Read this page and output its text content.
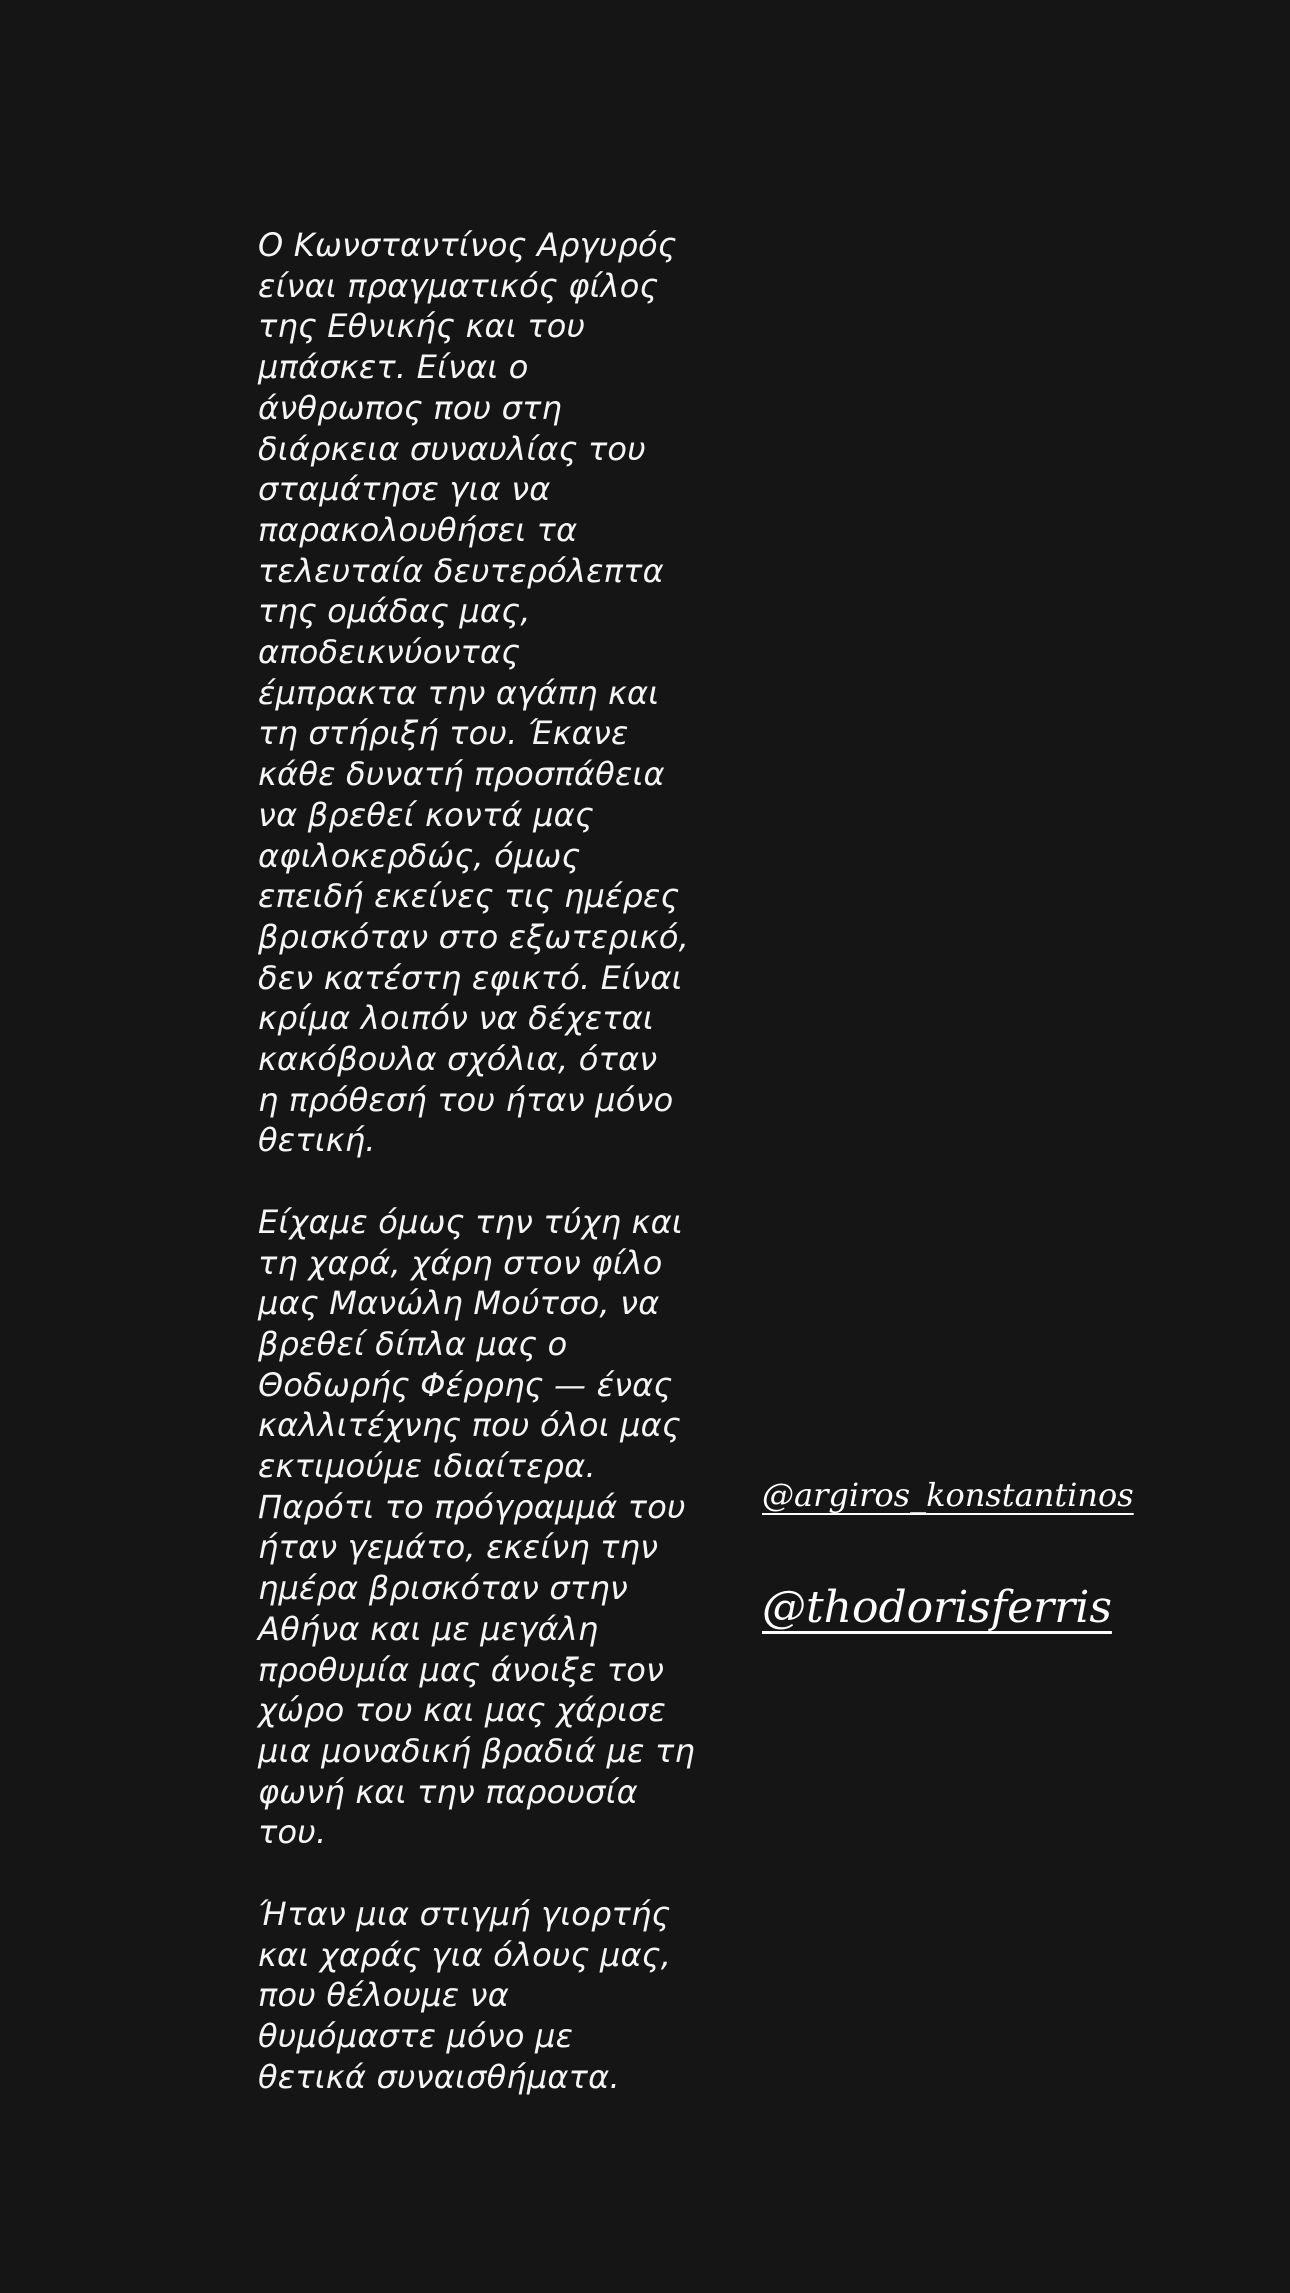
Ο Κωνσταντίνος Αργυρός
είναι πραγματικός φίλος
της Εθνικής και του
μπάσκετ. Είναι ο
άνθρωπος που στη
διάρκεια συναυλίας του
σταμάτησε για να
παρακολουθήσει τα
τελευταία δευτερόλεπτα
της ομάδας μας,
αποδεικνύοντας
έμπρακτα την αγάπη και
τη στήριξή του. Έκανε
κάθε δυνατή προσπάθεια
να βρεθεί κοντά μας
αφιλοκερδώς, όμως
επειδή εκείνες τις ημέρες
βρισκόταν στο εξωτερικό,
δεν κατέστη εφικτό. Είναι
κρίμα λοιπόν να δέχεται
κακόβουλα σχόλια, όταν
η πρόθεσή του ήταν μόνο
θετική.

Είχαμε όμως την τύχη και
τη χαρά, χάρη στον φίλο
μας Μανώλη Μούτσο, να
βρεθεί δίπλα μας ο
Θοδωρής Φέρρης — ένας
καλλιτέχνης που όλοι μας
εκτιμούμε ιδιαίτερα.
Παρότι το πρόγραμμά του
ήταν γεμάτο, εκείνη την
ημέρα βρισκόταν στην
Αθήνα και με μεγάλη
προθυμία μας άνοιξε τον
χώρο του και μας χάρισε
μια μοναδική βραδιά με τη
φωνή και την παρουσία
του.

Ήταν μια στιγμή γιορτής
και χαράς για όλους μας,
που θέλουμε να
θυμόμαστε μόνο με
θετικά συναισθήματα.

@argiros_konstantinos
@thodorisferris
